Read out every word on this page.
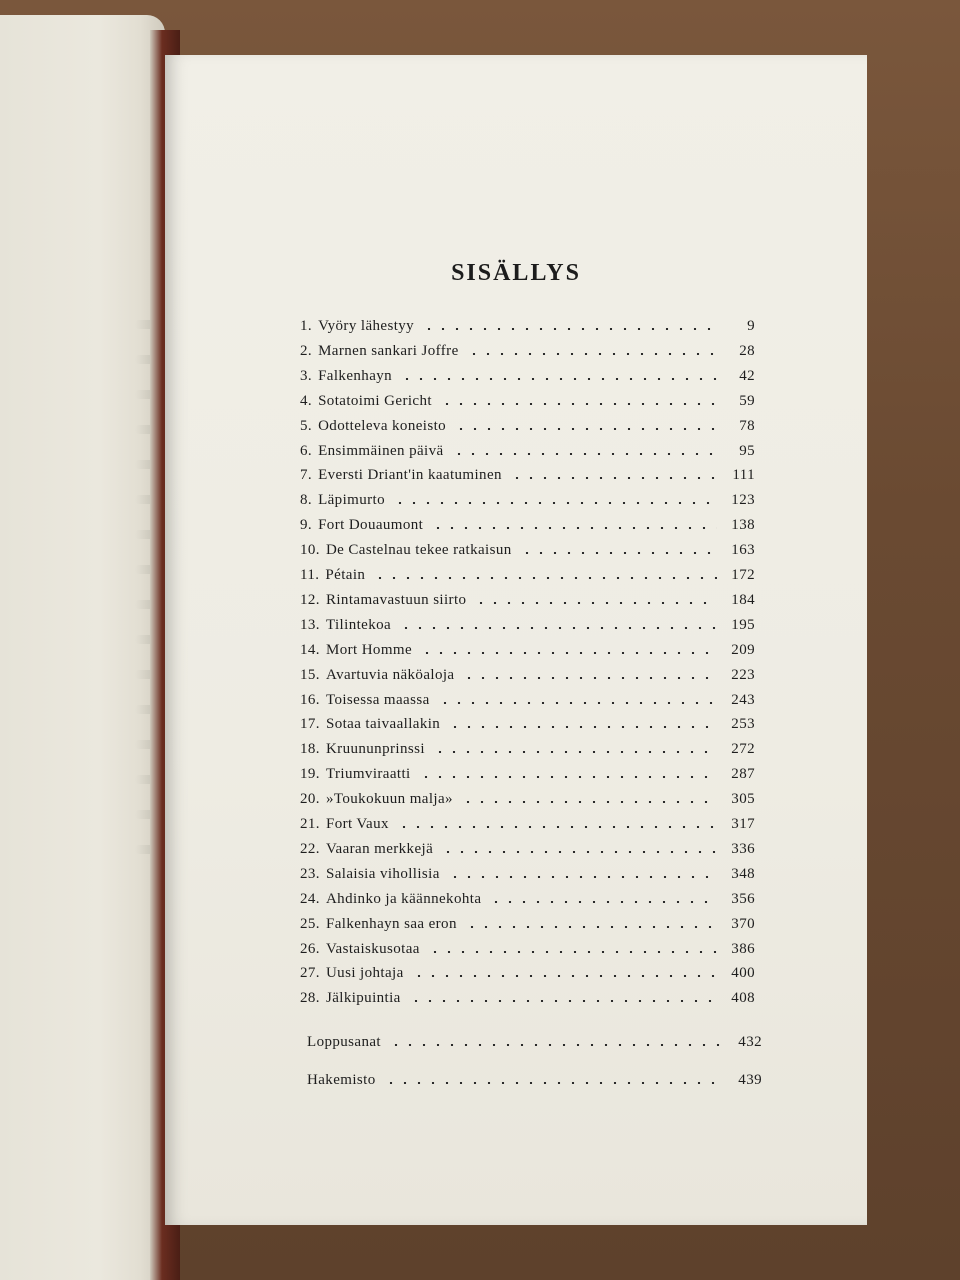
SISÄLLYS
1. Vyöry lähestyy	9
2. Marnen sankari Joffre	28
3. Falkenhayn	42
4. Sotatoimi Gericht	59
5. Odotteleva koneisto	78
6. Ensimmäinen päivä	95
7. Eversti Driant'in kaatuminen	111
8. Läpimurto	123
9. Fort Douaumont	138
10. De Castelnau tekee ratkaisun	163
11. Pétain	172
12. Rintamavastuun siirto	184
13. Tilintekoa	195
14. Mort Homme	209
15. Avartuvia näköaloja	223
16. Toisessa maassa	243
17. Sotaa taivaallakin	253
18. Kruununprinssi	272
19. Triumviraatti	287
20. »Toukokuun malja»	305
21. Fort Vaux	317
22. Vaaran merkkejä	336
23. Salaisia vihollisia	348
24. Ahdinko ja käännekohta	356
25. Falkenhayn saa eron	370
26. Vastaiskusotaa	386
27. Uusi johtaja	400
28. Jälkipuintia	408
Loppusanat	432
Hakemisto	439
